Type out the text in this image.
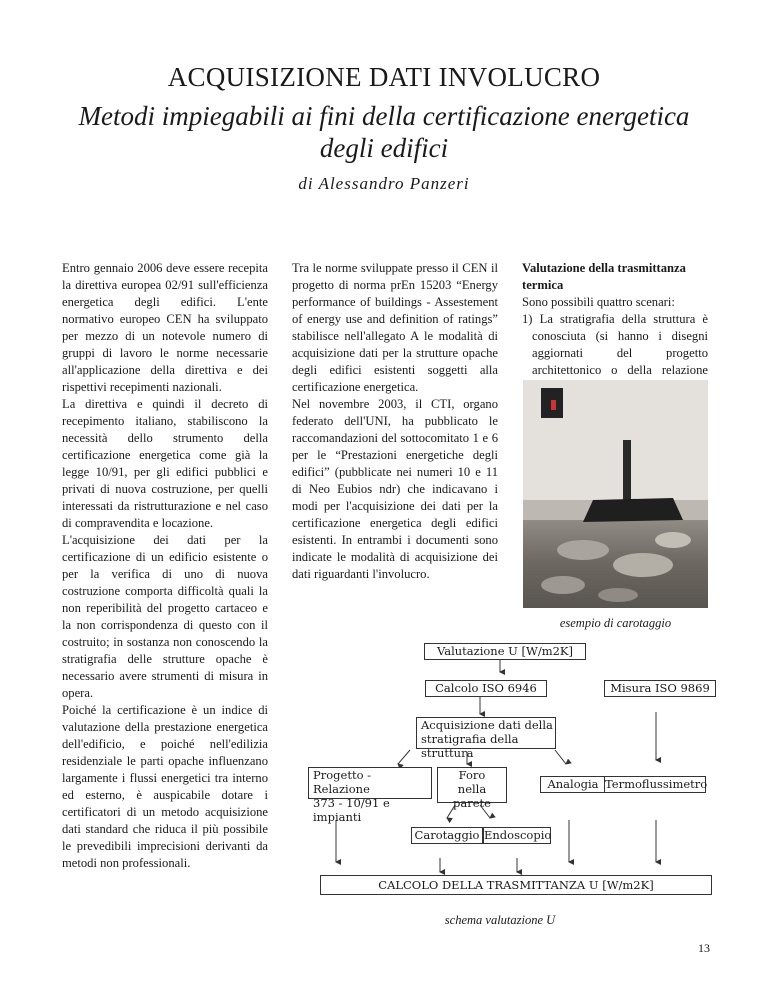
ACQUISIZIONE DATI INVOLUCRO
Metodi impiegabili ai fini della certificazione energetica
degli edifici
di Alessandro Panzeri

Entro gennaio 2006 deve essere recepita la direttiva europea 02/91 sull'efficienza energetica degli edifici. L'ente normativo europeo CEN ha sviluppato per mezzo di un notevole numero di gruppi di lavoro le norme necessarie all'applicazione della direttiva e dei rispettivi recepimenti nazionali.

La direttiva e quindi il decreto di recepimento italiano, stabiliscono la necessità dello strumento della certificazione energetica come già la legge 10/91, per gli edifici pubblici e privati di nuova costruzione, per quelli interessati da ristrutturazione e nel caso di compravendita e locazione.

L'acquisizione dei dati per la certificazione di un edificio esistente o per la verifica di uno di nuova costruzione comporta difficoltà quali la non reperibilità del progetto cartaceo e la non corrispondenza di questo con il costruito; in sostanza non conoscendo la stratigrafia delle strutture opache è necessario avere strumenti di misura in opera.

Poiché la certificazione è un indice di valutazione della prestazione energetica dell'edificio, e poiché nell'edilizia residenziale le parti opache influenzano largamente i flussi energetici tra interno ed esterno, è auspicabile dotare i certificatori di un metodo acquisizione dati standard che riduca il più possibile le prevedibili imprecisioni derivanti da metodi non professionali.

Tra le norme sviluppate presso il CEN il progetto di norma prEn 15203 “Energy performance of buildings - Assestement of energy use and definition of ratings” stabilisce nell'allegato A le modalità di acquisizione dati per la strutture opache degli edifici esistenti soggetti alla certificazione energetica.

Nel novembre 2003, il CTI, organo federato dell'UNI, ha pubblicato le raccomandazioni del sottocomitato 1 e 6 per le “Prestazioni energetiche degli edifici” (pubblicate nei numeri 10 e 11 di Neo Eubios ndr) che indicavano i modi per l'acquisizione dei dati per la certificazione energetica degli edifici esistenti. In entrambi i documenti sono indicate le modalità di acquisizione dei dati riguardanti l'involucro.

Valutazione della trasmittanza termica

Sono possibili quattro scenari:

1) La stratigrafia della struttura è conosciuta (si hanno i disegni aggiornati del progetto architettonico o della relazione

esempio di carotaggio
Valutazione U [W/m2K]
Calcolo ISO 6946	Misura ISO 9869
Acquisizione dati della
stratigrafia della struttura
Progetto - Relazione
373 - 10/91 e impianti
Foro
nella parete
Analogia Termoflussimetro
Carotaggio Endoscopio
CALCOLO DELLA TRASMITTANZA U [W/m2K]
schema valutazione U
13
